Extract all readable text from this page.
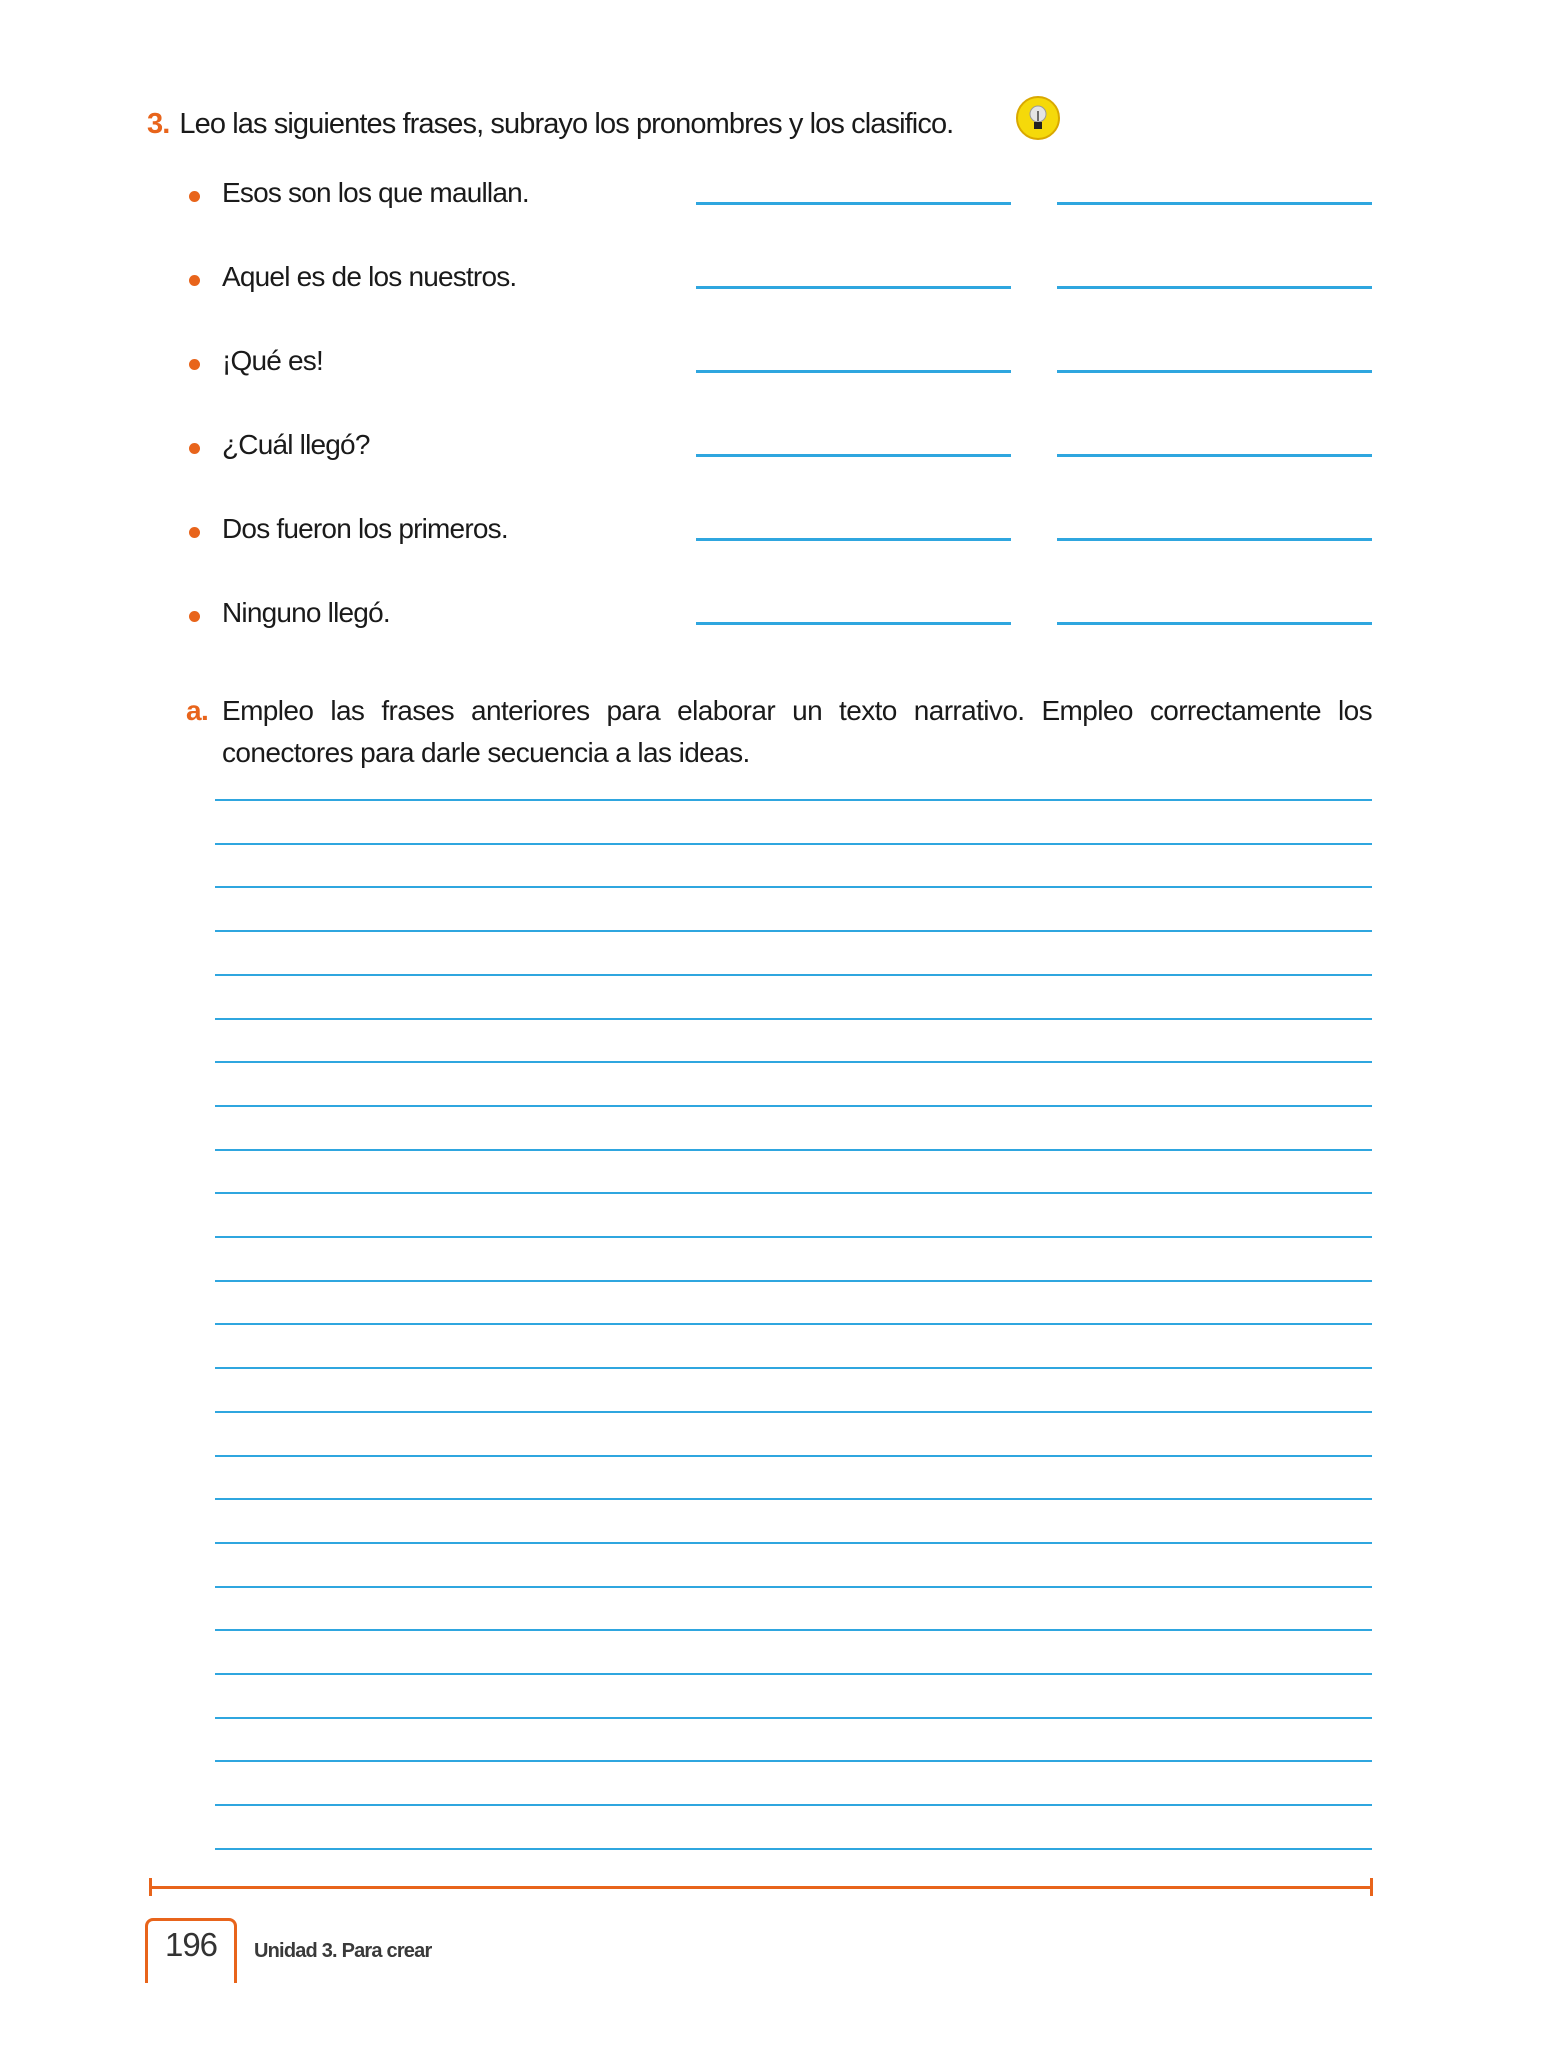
3. Leo las siguientes frases, subrayo los pronombres y los clasifico.
Esos son los que maullan.
Aquel es de los nuestros.
¡Qué es!
¿Cuál llegó?
Dos fueron los primeros.
Ninguno llegó.
a. Empleo las frases anteriores para elaborar un texto narrativo. Empleo correctamente los conectores para darle secuencia a las ideas.
196	Unidad 3. Para crear
